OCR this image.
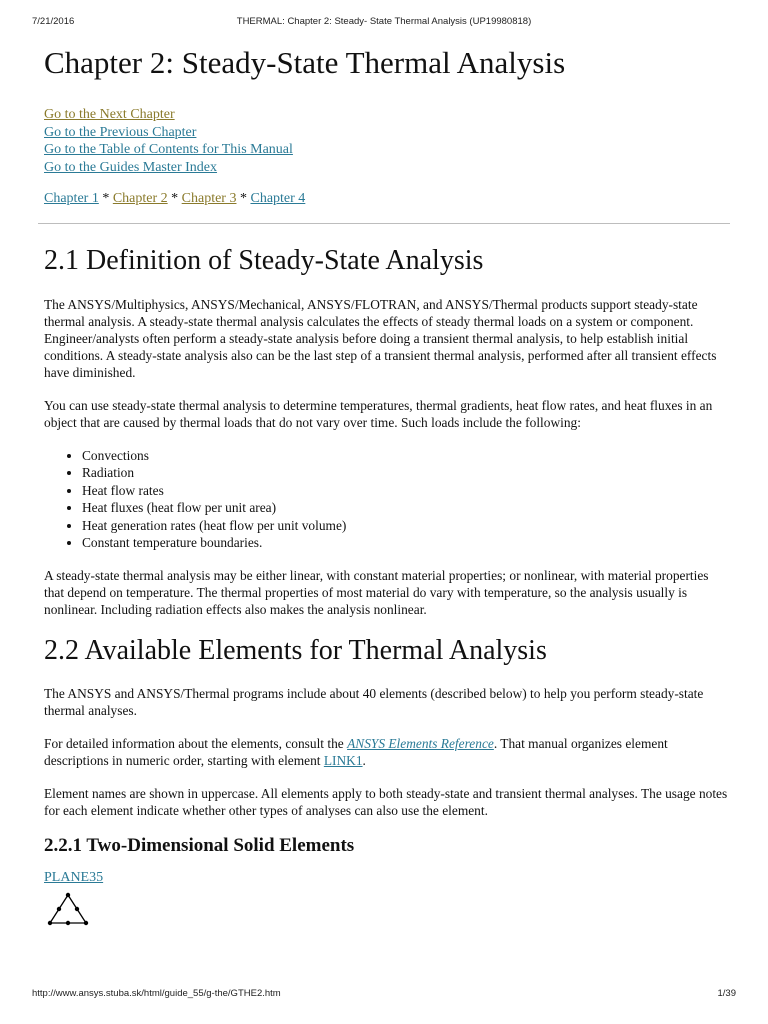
7/21/2016	THERMAL: Chapter 2: Steady- State Thermal Analysis (UP19980818)
Chapter 2: Steady-State Thermal Analysis
Go to the Next Chapter
Go to the Previous Chapter
Go to the Table of Contents for This Manual
Go to the Guides Master Index
Chapter 1 * Chapter 2 * Chapter 3 * Chapter 4
2.1 Definition of Steady-State Analysis

The ANSYS/Multiphysics, ANSYS/Mechanical, ANSYS/FLOTRAN, and ANSYS/Thermal products support steady-state thermal analysis. A steady-state thermal analysis calculates the effects of steady thermal loads on a system or component. Engineer/analysts often perform a steady-state analysis before doing a transient thermal analysis, to help establish initial conditions. A steady-state analysis also can be the last step of a transient thermal analysis, performed after all transient effects have diminished.

You can use steady-state thermal analysis to determine temperatures, thermal gradients, heat flow rates, and heat fluxes in an object that are caused by thermal loads that do not vary over time. Such loads include the following:

• Convections
• Radiation
• Heat flow rates
• Heat fluxes (heat flow per unit area)
• Heat generation rates (heat flow per unit volume)
• Constant temperature boundaries.

A steady-state thermal analysis may be either linear, with constant material properties; or nonlinear, with material properties that depend on temperature. The thermal properties of most material do vary with temperature, so the analysis usually is nonlinear. Including radiation effects also makes the analysis nonlinear.

2.2 Available Elements for Thermal Analysis

The ANSYS and ANSYS/Thermal programs include about 40 elements (described below) to help you perform steady-state thermal analyses.

For detailed information about the elements, consult the ANSYS Elements Reference. That manual organizes element descriptions in numeric order, starting with element LINK1.

Element names are shown in uppercase. All elements apply to both steady-state and transient thermal analyses. The usage notes for each element indicate whether other types of analyses can also use the element.

2.2.1 Two-Dimensional Solid Elements
PLANE35
http://www.ansys.stuba.sk/html/guide_55/g-the/GTHE2.htm	1/39
